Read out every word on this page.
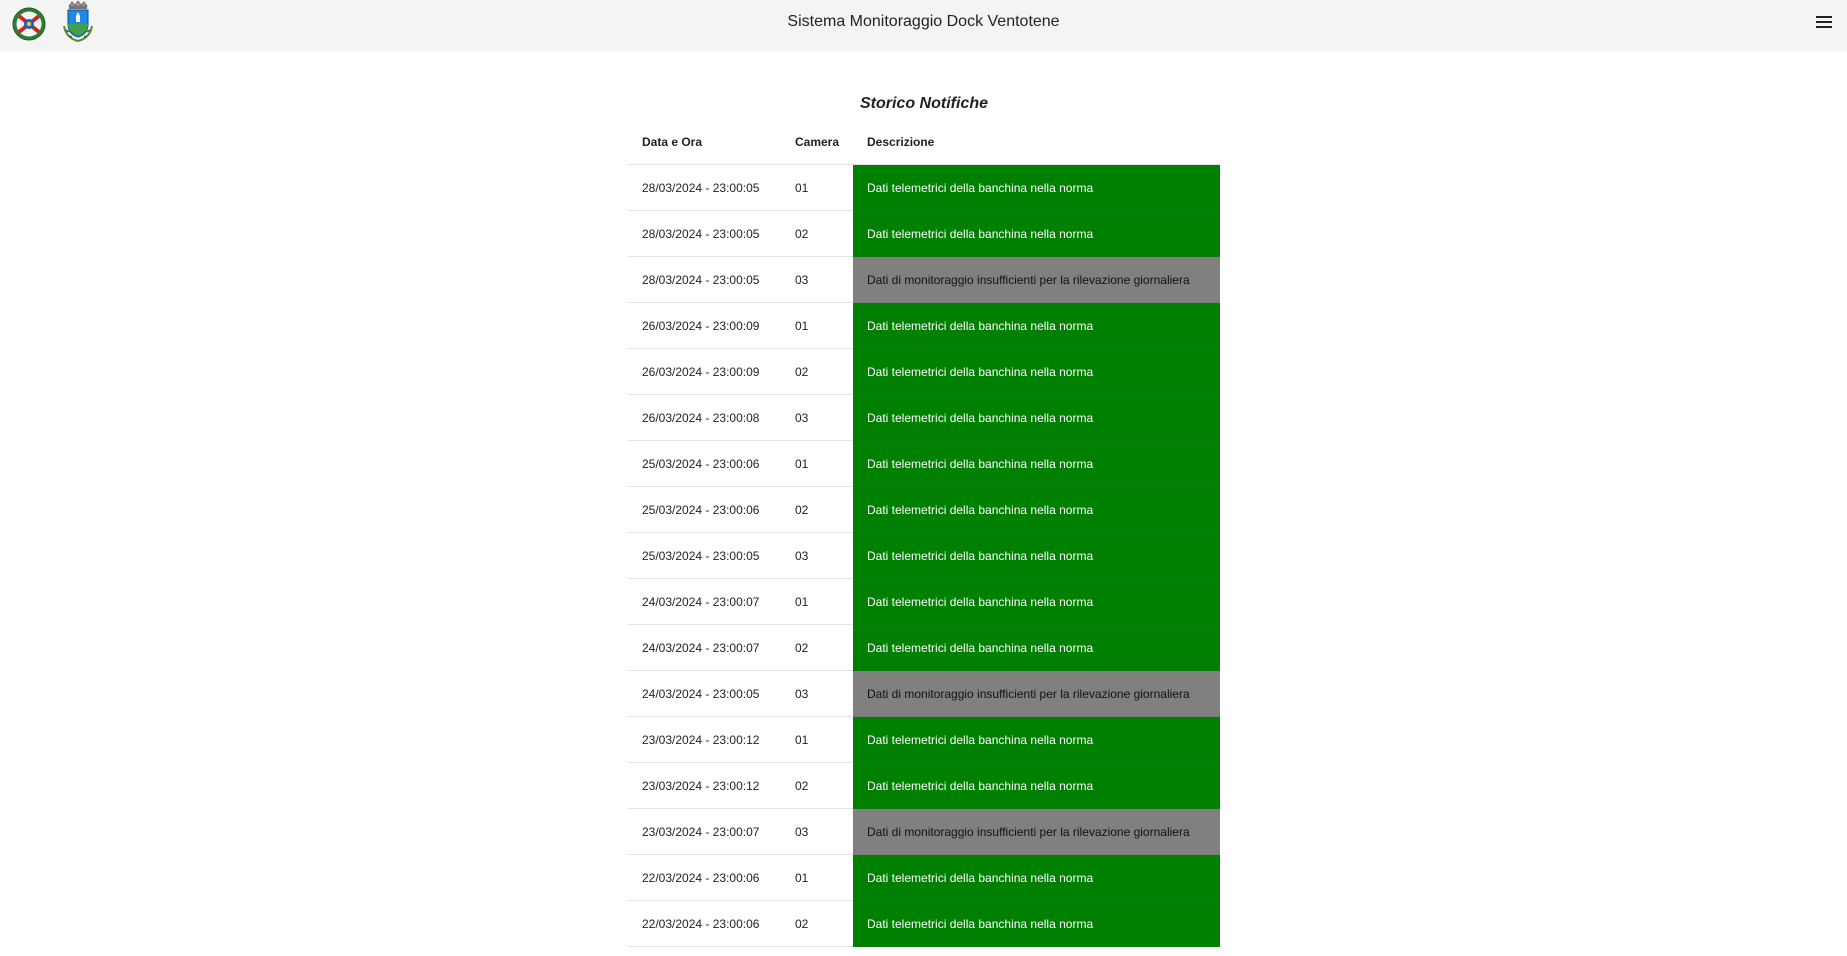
Sistema Monitoraggio Dock Ventotene
Storico Notifiche
Data e Ora	Camera	Descrizione
28/03/2024 - 23:00:05	01	Dati telemetrici della banchina nella norma
28/03/2024 - 23:00:05	02	Dati telemetrici della banchina nella norma
28/03/2024 - 23:00:05	03	Dati di monitoraggio insufficienti per la rilevazione giornaliera
26/03/2024 - 23:00:09	01	Dati telemetrici della banchina nella norma
26/03/2024 - 23:00:09	02	Dati telemetrici della banchina nella norma
26/03/2024 - 23:00:08	03	Dati telemetrici della banchina nella norma
25/03/2024 - 23:00:06	01	Dati telemetrici della banchina nella norma
25/03/2024 - 23:00:06	02	Dati telemetrici della banchina nella norma
25/03/2024 - 23:00:05	03	Dati telemetrici della banchina nella norma
24/03/2024 - 23:00:07	01	Dati telemetrici della banchina nella norma
24/03/2024 - 23:00:07	02	Dati telemetrici della banchina nella norma
24/03/2024 - 23:00:05	03	Dati di monitoraggio insufficienti per la rilevazione giornaliera
23/03/2024 - 23:00:12	01	Dati telemetrici della banchina nella norma
23/03/2024 - 23:00:12	02	Dati telemetrici della banchina nella norma
23/03/2024 - 23:00:07	03	Dati di monitoraggio insufficienti per la rilevazione giornaliera
22/03/2024 - 23:00:06	01	Dati telemetrici della banchina nella norma
22/03/2024 - 23:00:06	02	Dati telemetrici della banchina nella norma
